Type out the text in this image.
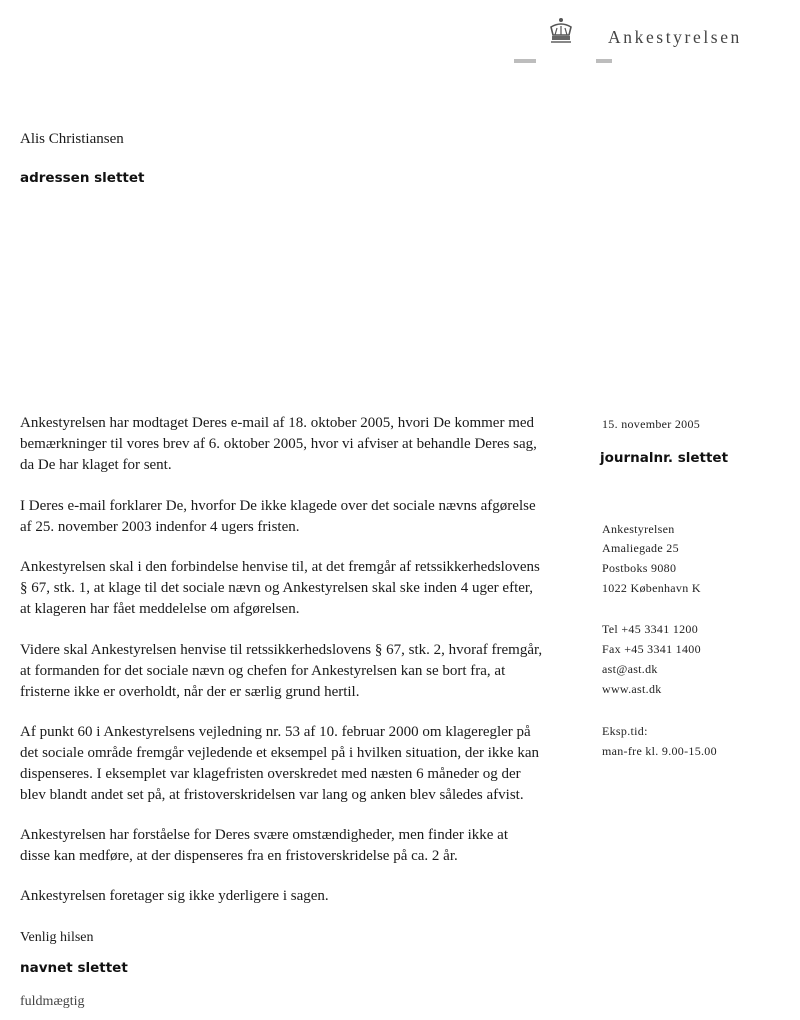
Ankestyrelsen
Alis Christiansen
adressen slettet
15. november 2005
journalnr. slettet
Ankestyrelsen
Amaliegade 25
Postboks 9080
1022 København K
Tel +45 3341 1200
Fax +45 3341 1400
ast@ast.dk
www.ast.dk
Eksp.tid:
man-fre kl. 9.00-15.00
Ankestyrelsen har modtaget Deres e-mail af 18. oktober 2005, hvori De kommer med
bemærkninger til vores brev af 6. oktober 2005, hvor vi afviser at behandle Deres sag,
da De har klaget for sent.
I Deres e-mail forklarer De, hvorfor De ikke klagede over det sociale nævns afgørelse
af 25. november 2003 indenfor 4 ugers fristen.
Ankestyrelsen skal i den forbindelse henvise til, at det fremgår af retssikkerhedslovens
§ 67, stk. 1, at klage til det sociale nævn og Ankestyrelsen skal ske inden 4 uger efter,
at klageren har fået meddelelse om afgørelsen.
Videre skal Ankestyrelsen henvise til retssikkerhedslovens § 67, stk. 2, hvoraf fremgår,
at formanden for det sociale nævn og chefen for Ankestyrelsen kan se bort fra, at
fristerne ikke er overholdt, når der er særlig grund hertil.
Af punkt 60 i Ankestyrelsens vejledning nr. 53 af 10. februar 2000 om klageregler på
det sociale område fremgår vejledende et eksempel på i hvilken situation, der ikke kan
dispenseres. I eksemplet var klagefristen overskredet med næsten 6 måneder og der
blev blandt andet set på, at fristoverskridelsen var lang og anken blev således afvist.
Ankestyrelsen har forståelse for Deres svære omstændigheder, men finder ikke at
disse kan medføre, at der dispenseres fra en fristoverskridelse på ca. 2 år.
Ankestyrelsen foretager sig ikke yderligere i sagen.
Venlig hilsen
navnet slettet
fuldmægtig
